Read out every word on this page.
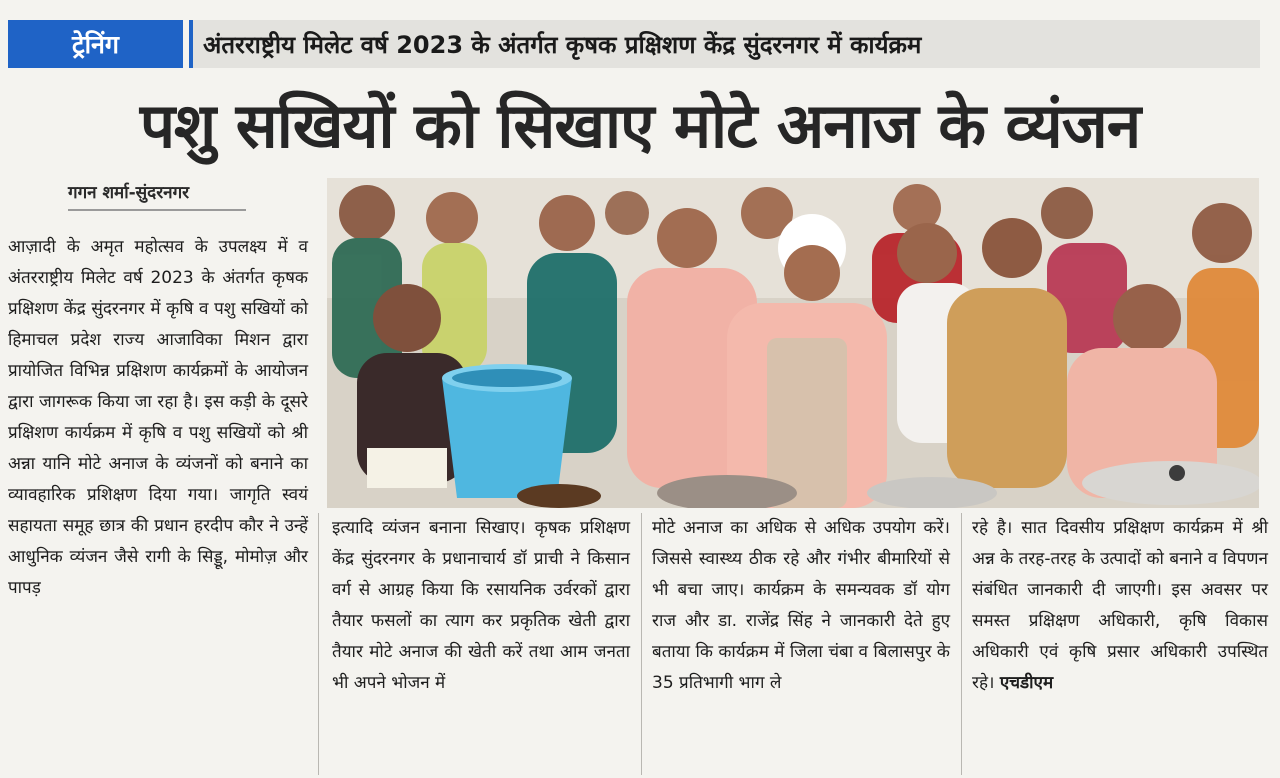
ट्रेनिंग	अंतरराष्ट्रीय मिलेट वर्ष 2023 के अंतर्गत कृषक प्रक्षिशण केंद्र सुंदरनगर में कार्यक्रम
पशु सखियों को सिखाए मोटे अनाज के व्यंजन
गगन शर्मा-सुंदरनगर

आज़ादी के अमृत महोत्सव के उपलक्ष्य में व अंतरराष्ट्रीय मिलेट वर्ष 2023 के अंतर्गत कृषक प्रक्षिशण केंद्र सुंदरनगर में कृषि व पशु सखियों को हिमाचल प्रदेश राज्य आजाविका मिशन द्वारा प्रायोजित विभिन्न प्रक्षिशण कार्यक्रमों के आयोजन द्वारा जागरूक किया जा रहा है। इस कड़ी के दूसरे प्रक्षिशण कार्यक्रम में कृषि व पशु सखियों को श्री अन्ना यानि मोटे अनाज के व्यंजनों को बनाने का व्यावहारिक प्रशिक्षण दिया गया। जागृति स्वयं सहायता समूह छात्र की प्रधान हरदीप कौर ने उन्हें आधुनिक व्यंजन जैसे रागी के सिड्डू, मोमोज़ और पापड़

इत्यादि व्यंजन बनाना सिखाए। कृषक प्रशिक्षण केंद्र सुंदरनगर के प्रधानाचार्य डॉ प्राची ने किसान वर्ग से आग्रह किया कि रसायनिक उर्वरकों द्वारा तैयार फसलों का त्याग कर प्रकृतिक खेती द्वारा तैयार मोटे अनाज की खेती करें तथा आम जनता भी अपने भोजन में

मोटे अनाज का अधिक से अधिक उपयोग करें। जिससे स्वास्थ्य ठीक रहे और गंभीर बीमारियों से भी बचा जाए। कार्यक्रम के समन्यवक डॉ योग राज और डा. राजेंद्र सिंह ने जानकारी देते हुए बताया कि कार्यक्रम में जिला चंबा व बिलासपुर के 35 प्रतिभागी भाग ले

रहे है। सात दिवसीय प्रक्षिक्षण कार्यक्रम में श्री अन्न के तरह-तरह के उत्पादों को बनाने व विपणन संबंधित जानकारी दी जाएगी। इस अवसर पर समस्त प्रक्षिक्षण अधिकारी, कृषि विकास अधिकारी एवं कृषि प्रसार अधिकारी उपस्थित रहे। एचडीएम
